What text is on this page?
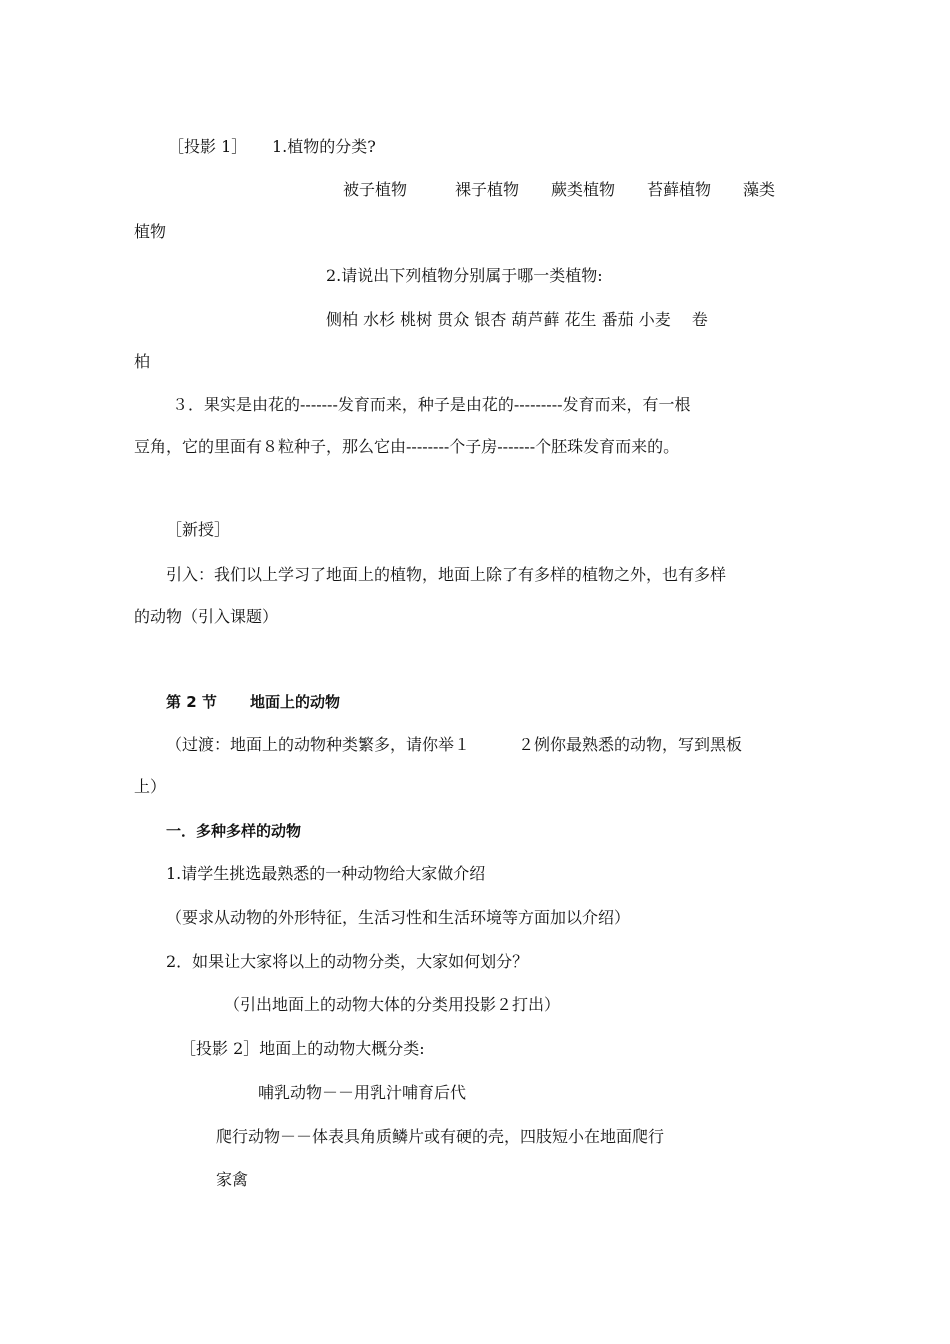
［投影 1］ 1.植物的分类?
被子植物　　　裸子植物　　蕨类植物　　苔藓植物　　藻类
植物
2.请说出下列植物分别属于哪一类植物:
侧柏 水杉 桃树 贯众 银杏 葫芦藓 花生 番茄 小麦　 卷
柏
３．果实是由花的-------发育而来，种子是由花的---------发育而来，有一根
豆角，它的里面有８粒种子，那么它由--------个子房-------个胚珠发育而来的。
［新授］
引入：我们以上学习了地面上的植物，地面上除了有多样的植物之外，也有多样
的动物（引入课题）
第 2 节 地面上的动物
（过渡：地面上的动物种类繁多，请你举１　　　２例你最熟悉的动物，写到黑板
上）
一．多种多样的动物
1.请学生挑选最熟悉的一种动物给大家做介绍
（要求从动物的外形特征，生活习性和生活环境等方面加以介绍）
2．如果让大家将以上的动物分类，大家如何划分？
（引出地面上的动物大体的分类用投影２打出）
［投影 2］地面上的动物大概分类:
哺乳动物－－用乳汁哺育后代
爬行动物－－体表具角质鳞片或有硬的壳，四肢短小在地面爬行
家禽
